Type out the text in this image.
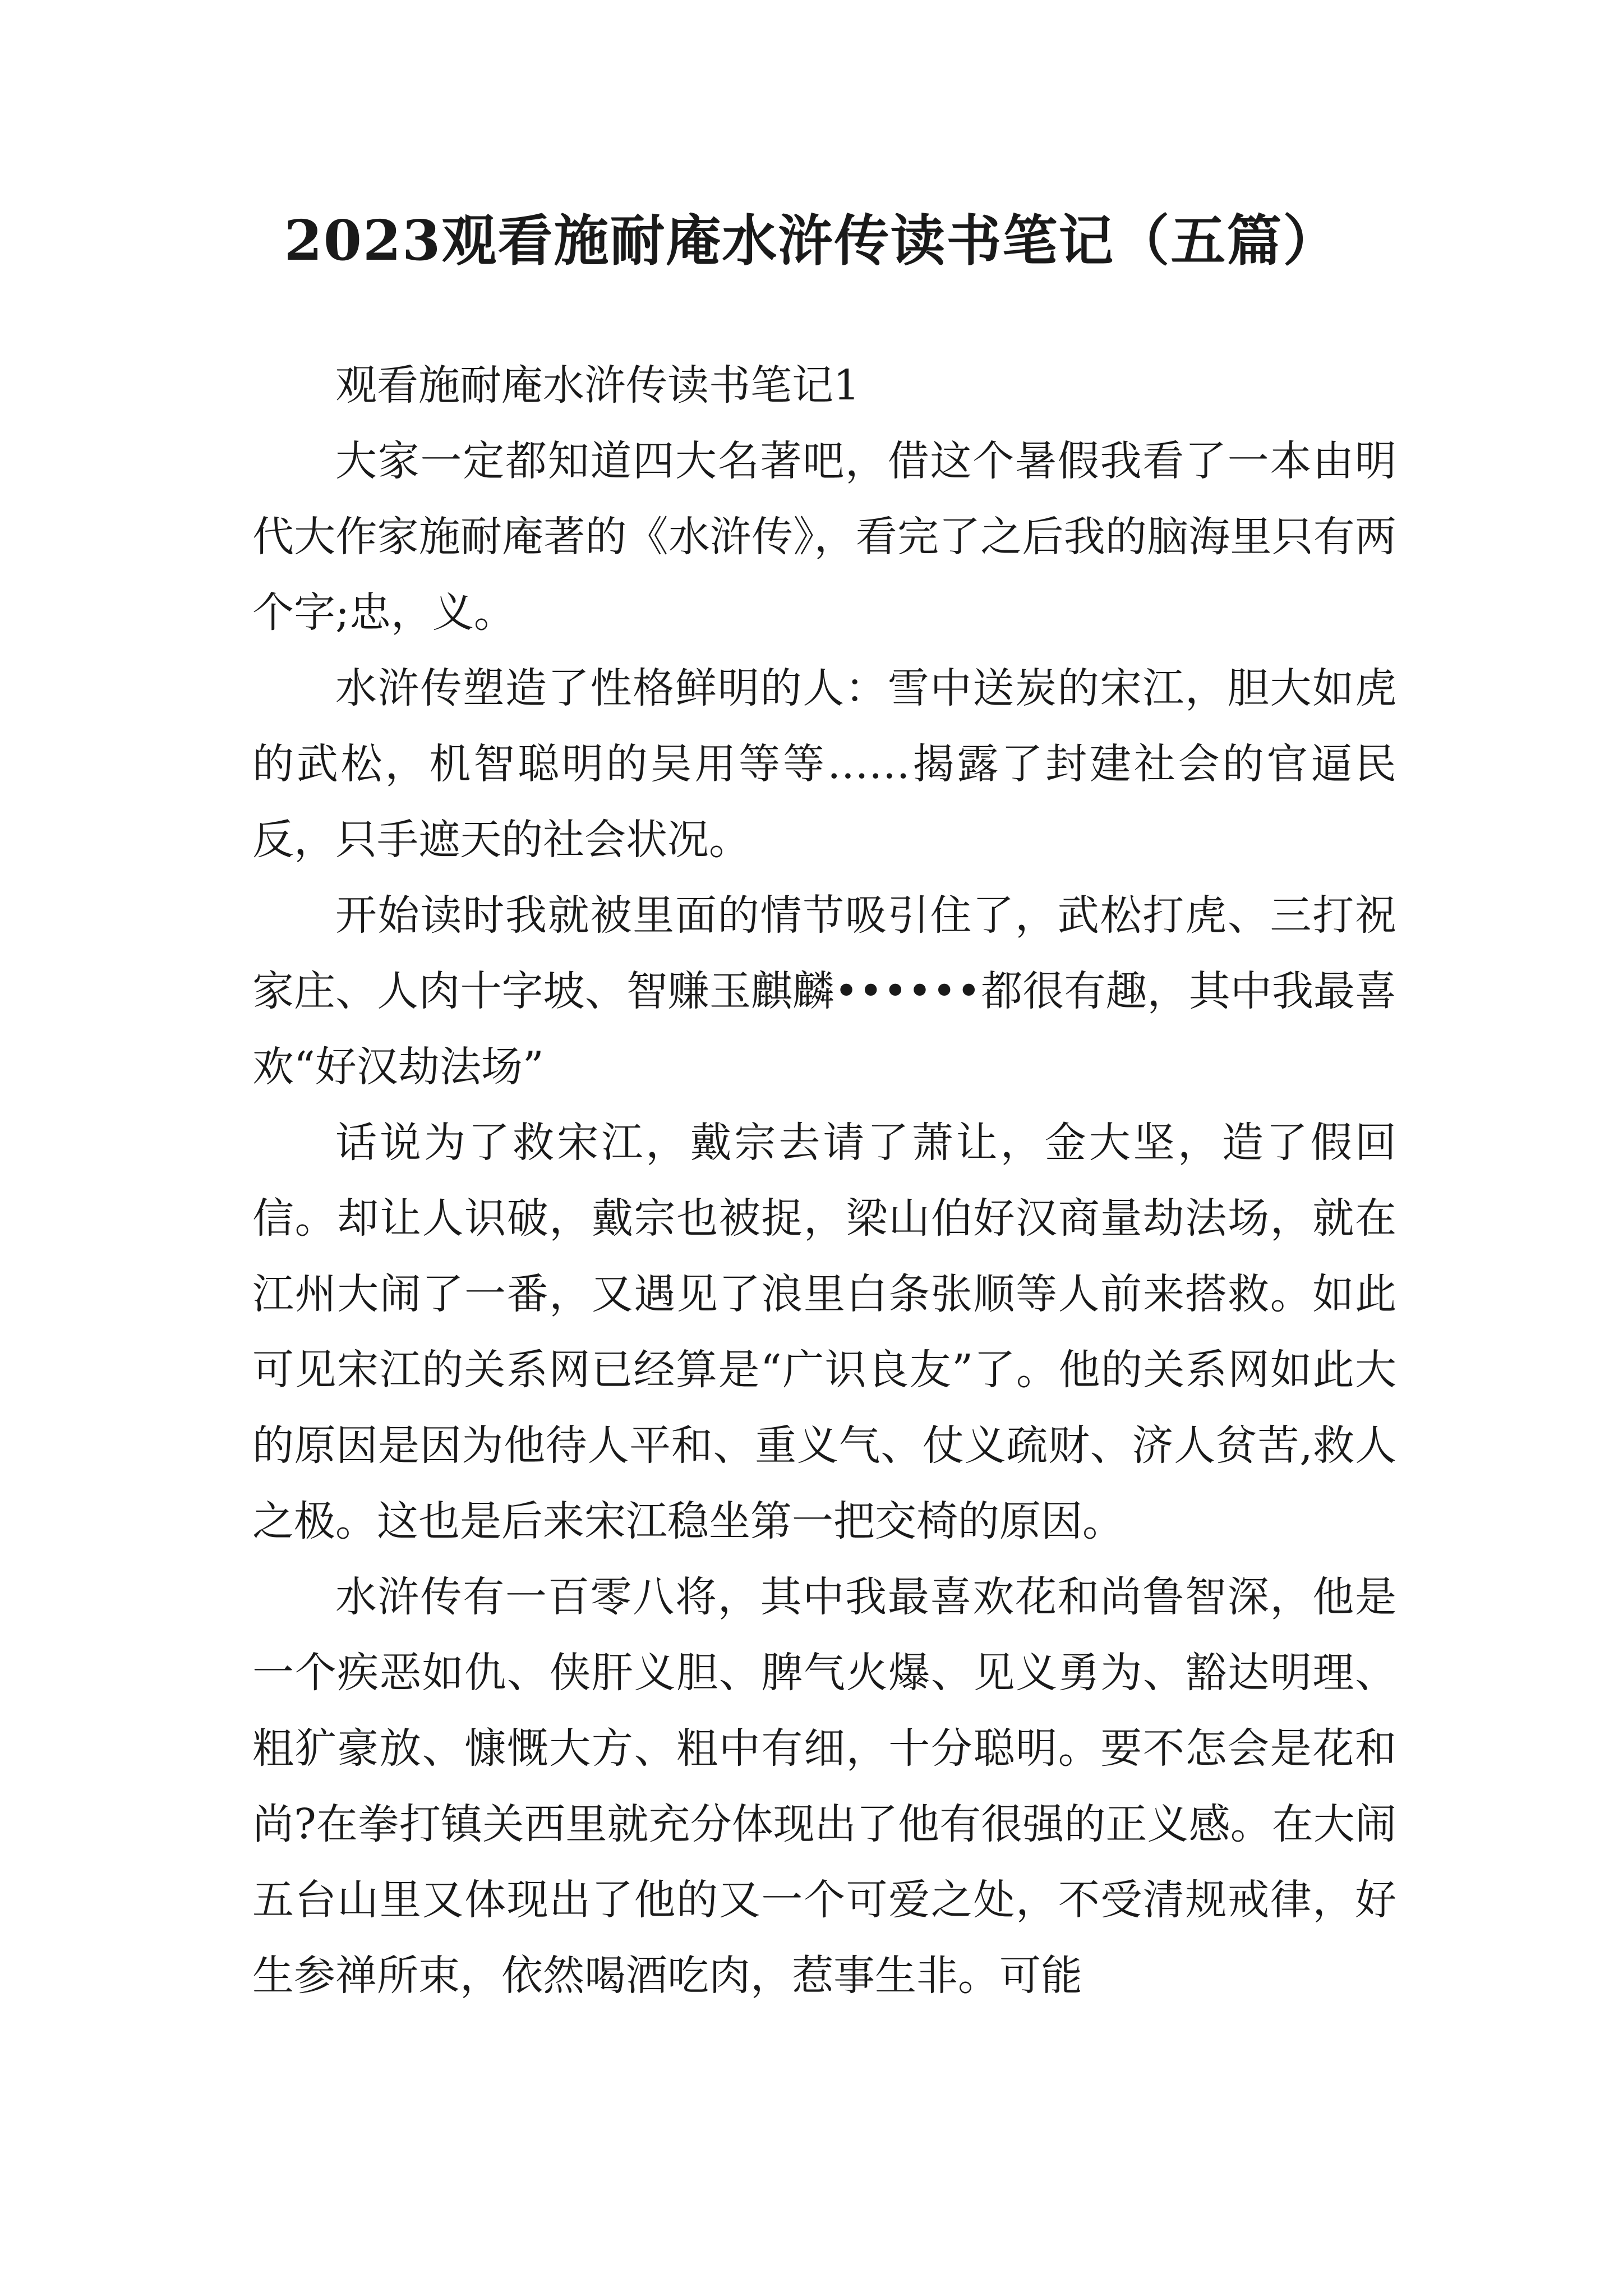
2023观看施耐庵水浒传读书笔记（五篇）

观看施耐庵水浒传读书笔记1

大家一定都知道四大名著吧，借这个暑假我看了一本由明代大作家施耐庵著的《水浒传》，看完了之后我的脑海里只有两个字;忠，义。

水浒传塑造了性格鲜明的人：雪中送炭的宋江，胆大如虎的武松，机智聪明的吴用等等……揭露了封建社会的官逼民反，只手遮天的社会状况。

开始读时我就被里面的情节吸引住了，武松打虎、三打祝家庄、人肉十字坡、智赚玉麒麟••••••都很有趣，其中我最喜欢“好汉劫法场”

话说为了救宋江，戴宗去请了萧让，金大坚，造了假回信。却让人识破，戴宗也被捉，梁山伯好汉商量劫法场，就在江州大闹了一番，又遇见了浪里白条张顺等人前来搭救。如此可见宋江的关系网已经算是“广识良友”了。他的关系网如此大的原因是因为他待人平和、重义气、仗义疏财、济人贫苦,救人之极。这也是后来宋江稳坐第一把交椅的原因。

水浒传有一百零八将，其中我最喜欢花和尚鲁智深，他是一个疾恶如仇、侠肝义胆、脾气火爆、见义勇为、豁达明理、粗犷豪放、慷慨大方、粗中有细，十分聪明。要不怎会是花和尚?在拳打镇关西里就充分体现出了他有很强的正义感。在大闹五台山里又体现出了他的又一个可爱之处，不受清规戒律，好生参禅所束，依然喝酒吃肉，惹事生非。可能
